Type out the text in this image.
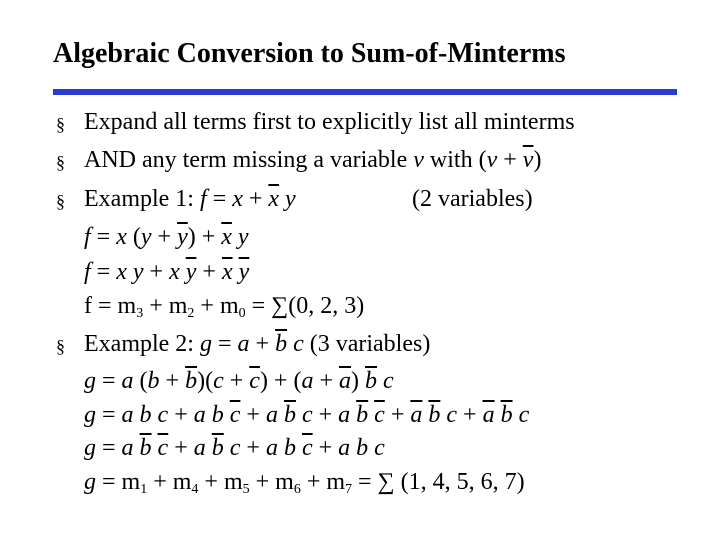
Algebraic Conversion to Sum-of-Minterms
§ Expand all terms first to explicitly list all minterms
§ AND any term missing a variable v with $(v + \overline{v})$
§ Example 1: $f = x + \overline{x}$ y	(2 variables)
f = x $(y + \overline{y}) + \overline{x}$ y
f = x y + x $\overline{y} + \overline{x}$ $\overline{y}$
$f = m_3 + m_2 + m_0 = \sum(0$, 2, 3)
§ Example 2: $g = a + \overline{b}$ c (3 variables)
g = a $(b + \overline{b})(c + \overline{c}) + (a + \overline{a})$ $\overline{b}$ c
g = a b c + a b $\overline{c} + a$ $\overline{b}$ c + a $\overline{b}$ $\overline{c} + \overline{a}$ $\overline{b}$ $c + \overline{a}$ $\overline{b}$ c
g = a $\overline{b}$ $\overline{c} + a$ $\overline{b}$ c + a b $\overline{c} + a$ b c
$g = m_1 + m_4 + m_5 + m_6 + m_7$ = ∑ (1, 4, 5, 6, 7)
